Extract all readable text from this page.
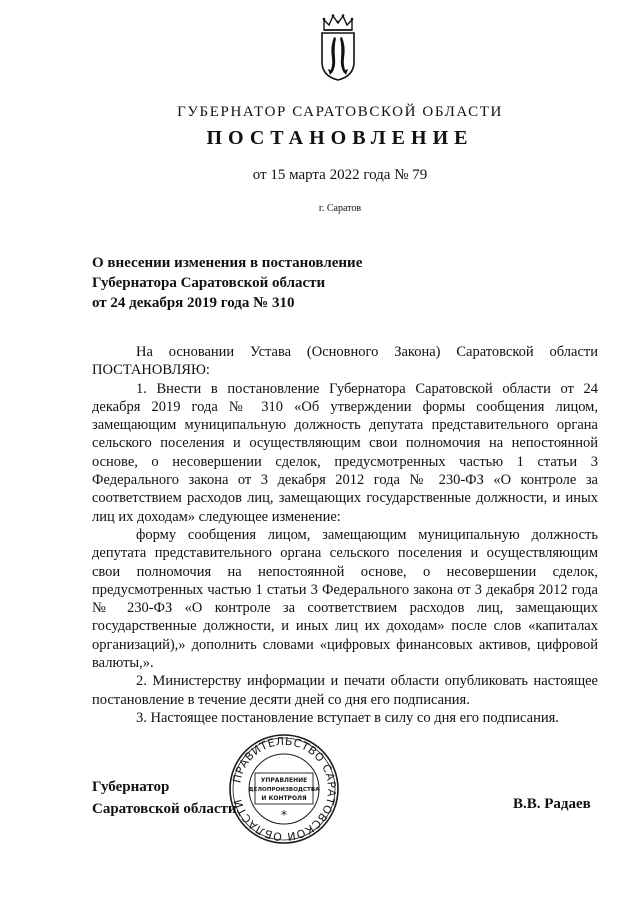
ГУБЕРНАТОР САРАТОВСКОЙ ОБЛАСТИ
ПОСТАНОВЛЕНИЕ
от 15 марта 2022 года № 79
г. Саратов
О внесении изменения в постановление
Губернатора Саратовской области
от 24 декабря 2019 года № 310

На основании Устава (Основного Закона) Саратовской области ПОСТАНОВЛЯЮ:

1. Внести в постановление Губернатора Саратовской области от 24 декабря 2019 года № 310 «Об утверждении формы сообщения лицом, замещающим муниципальную должность депутата представительного органа сельского поселения и осуществляющим свои полномочия на непостоянной основе, о несовершении сделок, предусмотренных частью 1 статьи 3 Федерального закона от 3 декабря 2012 года № 230-ФЗ «О контроле за соответствием расходов лиц, замещающих государственные должности, и иных лиц их доходам» следующее изменение:

форму сообщения лицом, замещающим муниципальную должность депутата представительного органа сельского поселения и осуществляющим свои полномочия на непостоянной основе, о несовершении сделок, предусмотренных частью 1 статьи 3 Федерального закона от 3 декабря 2012 года № 230-ФЗ «О контроле за соответствием расходов лиц, замещающих государственные должности, и иных лиц их доходам» после слов «капиталах организаций),» дополнить словами «цифровых финансовых активов, цифровой валюты,».

2. Министерству информации и печати области опубликовать настоящее постановление в течение десяти дней со дня его подписания.

3. Настоящее постановление вступает в силу со дня его подписания.

ПРАВИТЕЛЬСТВО САРАТОВСКОЙ ОБЛАСТИ
УПРАВЛЕНИЕ
ДЕЛОПРОИЗВОДСТВА
И КОНТРОЛЯ
*
Губернатор
Саратовской области	В.В. Радаев
